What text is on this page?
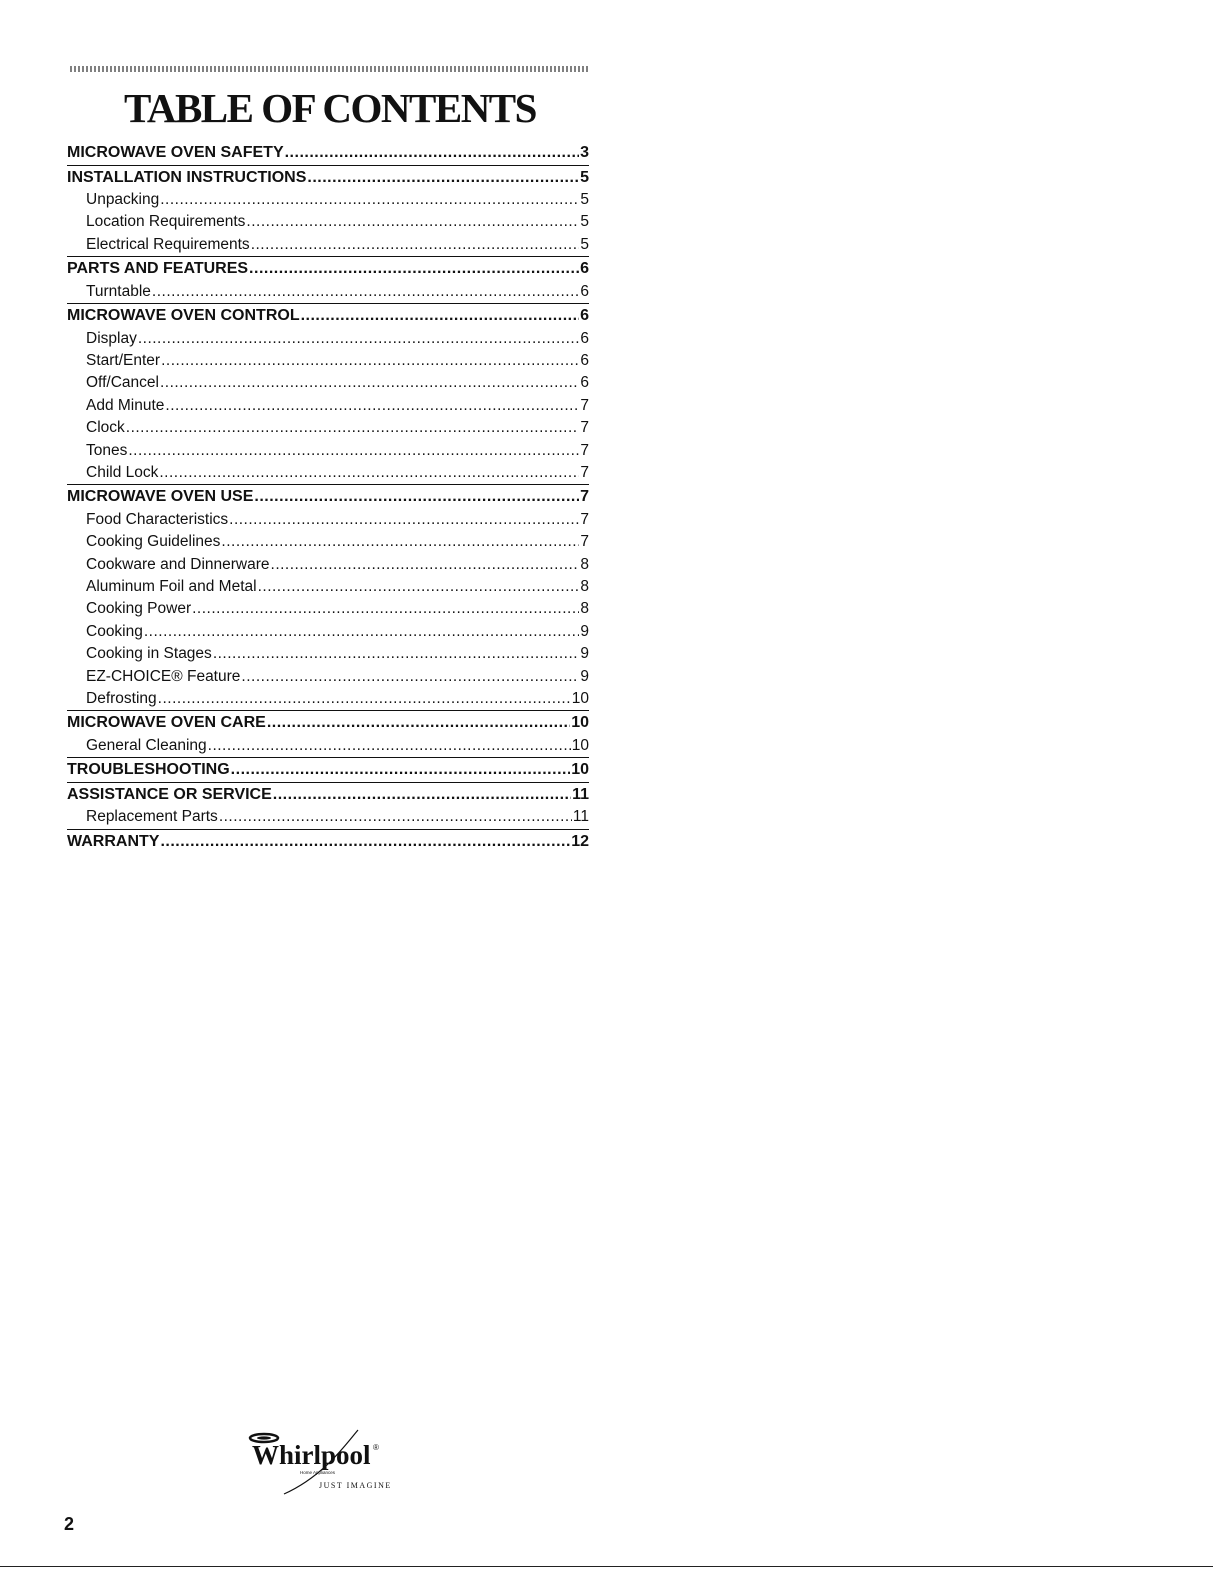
TABLE OF CONTENTS
MICROWAVE OVEN SAFETY .....	3
INSTALLATION INSTRUCTIONS .....	5
Unpacking .....	5
Location Requirements .....	5
Electrical Requirements .....	5
PARTS AND FEATURES .....	6
Turntable .....	6
MICROWAVE OVEN CONTROL .....	6
Display .....	6
Start/Enter .....	6
Off/Cancel .....	6
Add Minute .....	7
Clock .....	7
Tones .....	7
Child Lock .....	7
MICROWAVE OVEN USE .....	7
Food Characteristics .....	7
Cooking Guidelines .....	7
Cookware and Dinnerware .....	8
Aluminum Foil and Metal .....	8
Cooking Power .....	8
Cooking .....	9
Cooking in Stages .....	9
EZ-CHOICE® Feature .....	9
Defrosting .....	10
MICROWAVE OVEN CARE .....	10
General Cleaning .....	10
TROUBLESHOOTING .....	10
ASSISTANCE OR SERVICE .....	11
Replacement Parts .....	11
WARRANTY .....	12
Whirlpool ®
Home Appliances
JUST IMAGINE
2
